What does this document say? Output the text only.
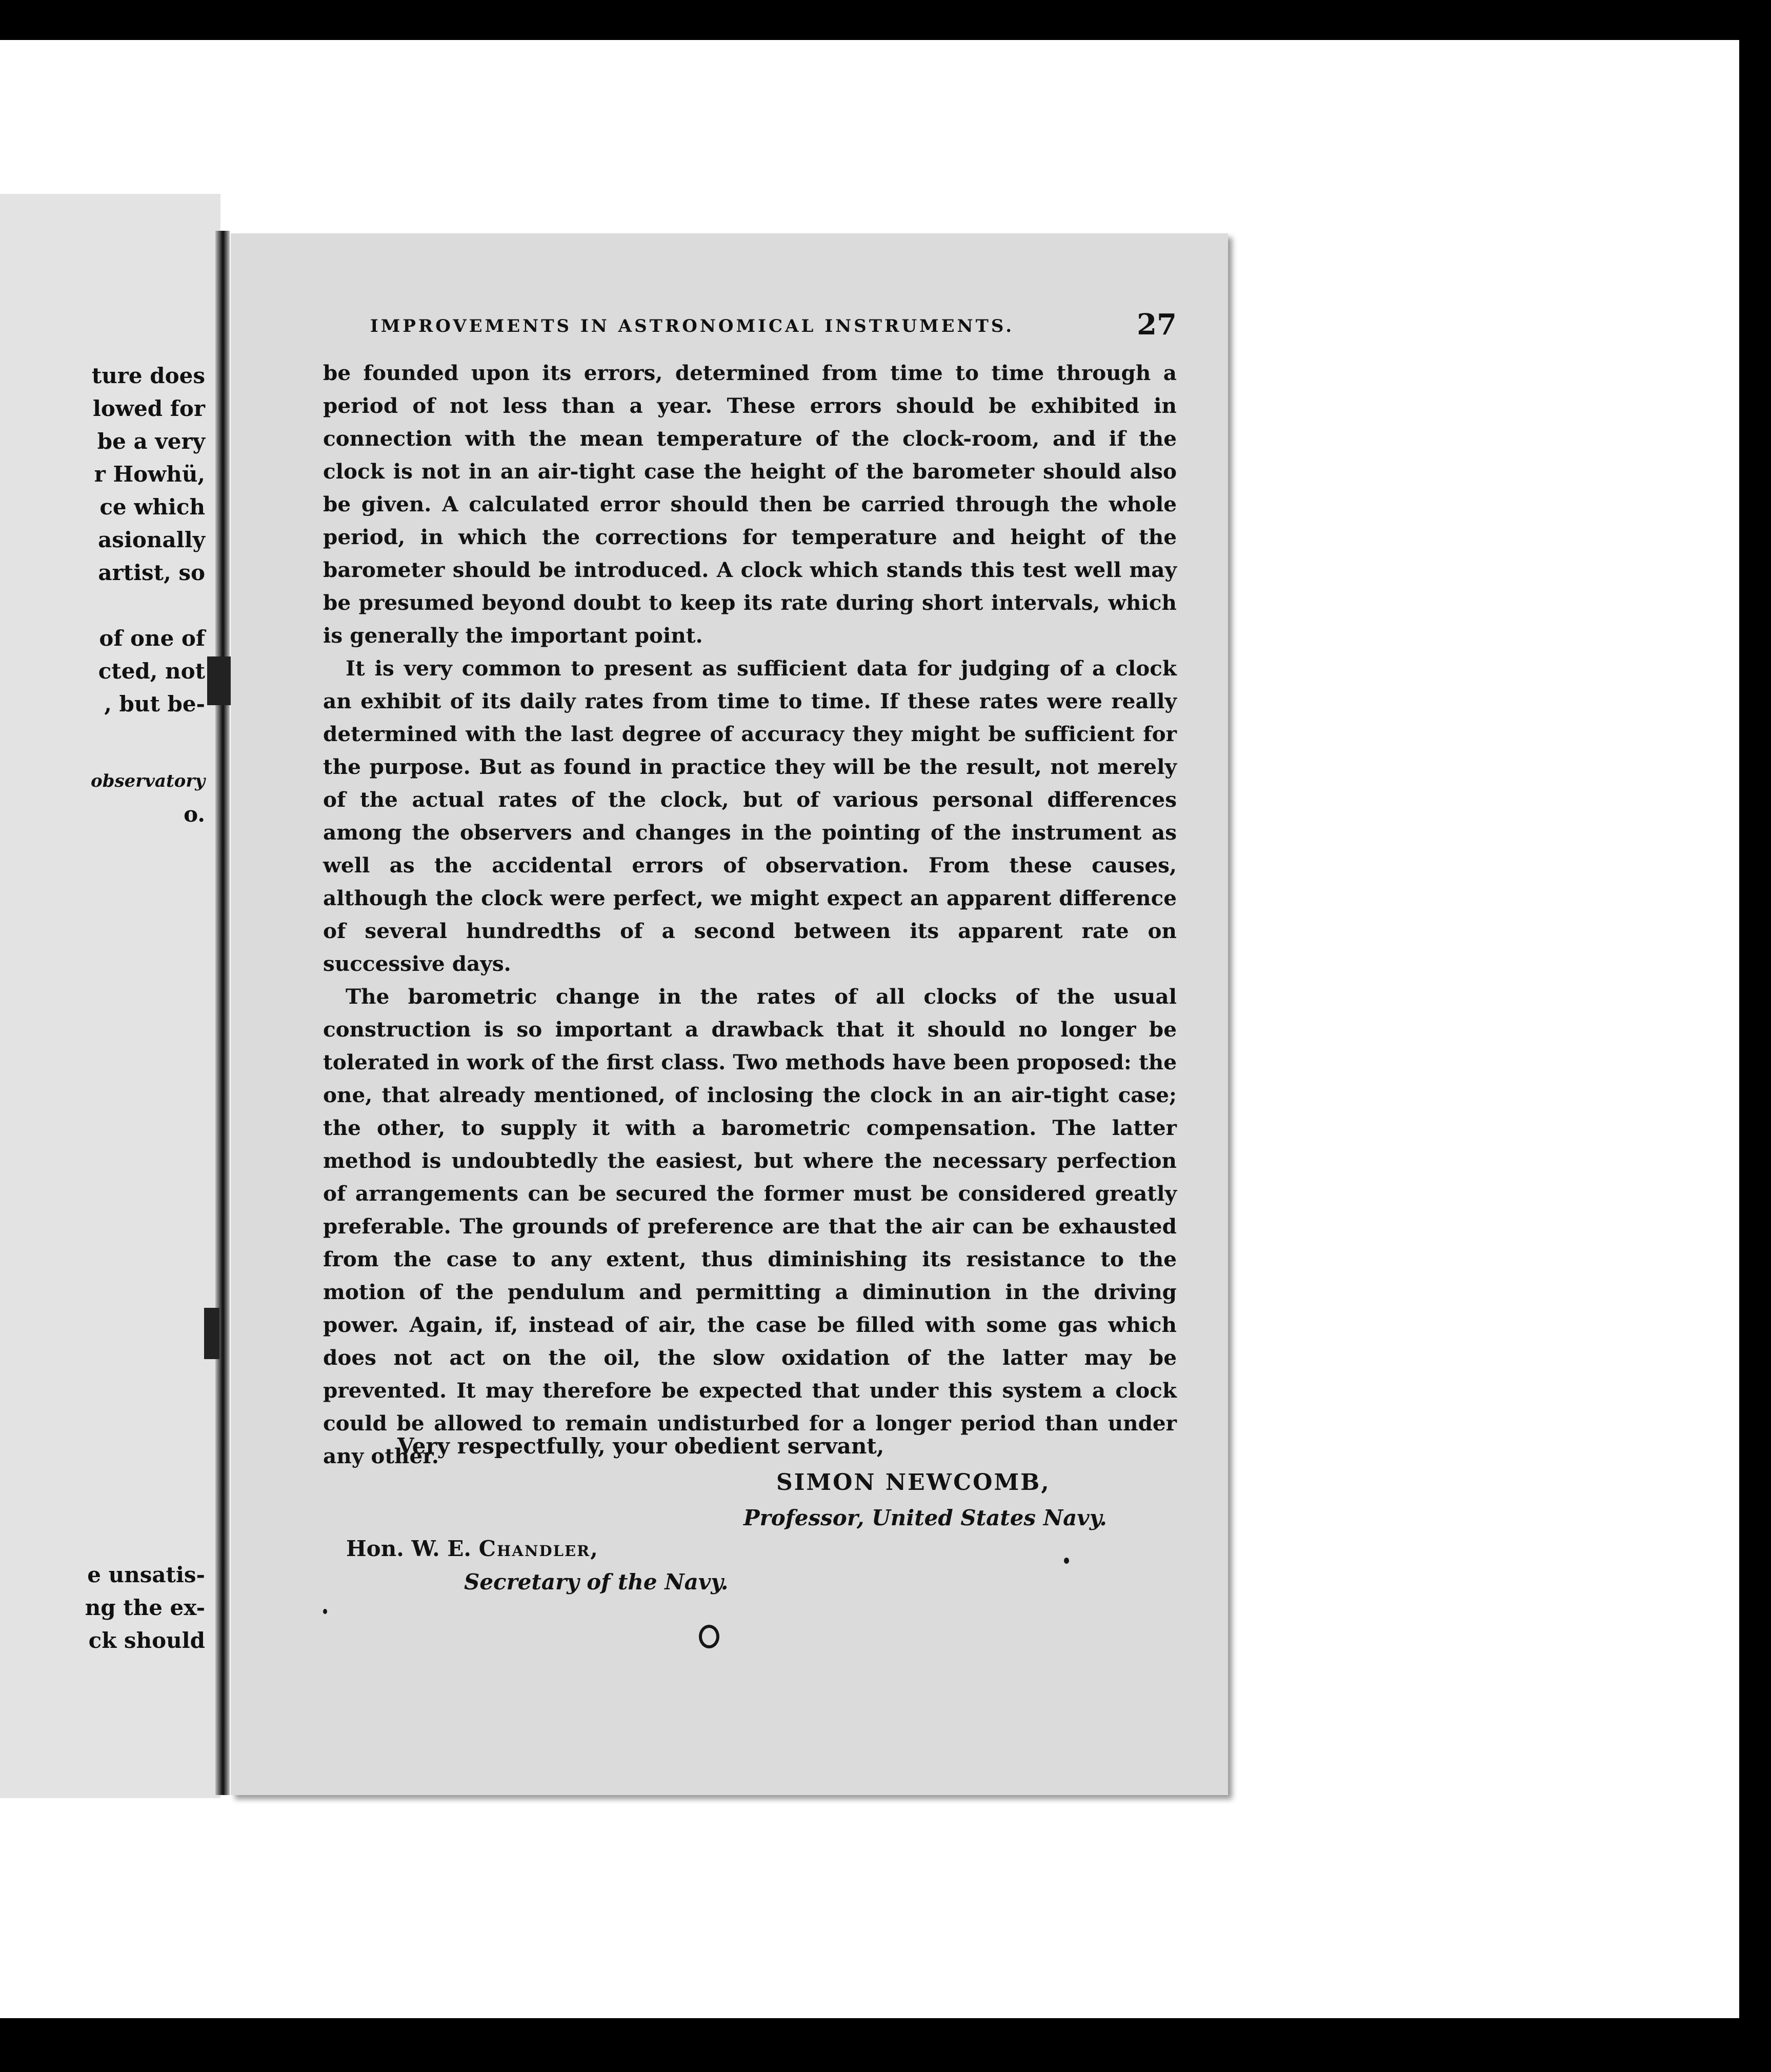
ture does
lowed for
be a very
r Howhü,
ce which
asionally
artist, so
of one of
cted, not
, but be-
observatory
o.
e unsatis-
ng the ex-
ck should
IMPROVEMENTS IN ASTRONOMICAL INSTRUMENTS.	27

be founded upon its errors, determined from time to time through a period of not less than a year. These errors should be exhibited in connection with the mean temperature of the clock-room, and if the clock is not in an air-tight case the height of the barometer should also be given. A calculated error should then be carried through the whole period, in which the corrections for temperature and height of the barometer should be introduced. A clock which stands this test well may be presumed beyond doubt to keep its rate during short intervals, which is generally the important point.

It is very common to present as sufficient data for judging of a clock an exhibit of its daily rates from time to time. If these rates were really determined with the last degree of accuracy they might be sufficient for the purpose. But as found in practice they will be the result, not merely of the actual rates of the clock, but of various personal differences among the observers and changes in the pointing of the instrument as well as the accidental errors of observation. From these causes, although the clock were perfect, we might expect an apparent difference of several hundredths of a second between its apparent rate on successive days.

The barometric change in the rates of all clocks of the usual construction is so important a drawback that it should no longer be tolerated in work of the first class. Two methods have been proposed: the one, that already mentioned, of inclosing the clock in an air-tight case; the other, to supply it with a barometric compensation. The latter method is undoubtedly the easiest, but where the necessary perfection of arrangements can be secured the former must be considered greatly preferable. The grounds of preference are that the air can be exhausted from the case to any extent, thus diminishing its resistance to the motion of the pendulum and permitting a diminution in the driving power. Again, if, instead of air, the case be filled with some gas which does not act on the oil, the slow oxidation of the latter may be prevented. It may therefore be expected that under this system a clock could be allowed to remain undisturbed for a longer period than under any other.

Very respectfully, your obedient servant,
SIMON NEWCOMB,
Professor, United States Navy.
Hon. W. E. Chandler,
Secretary of the Navy.
